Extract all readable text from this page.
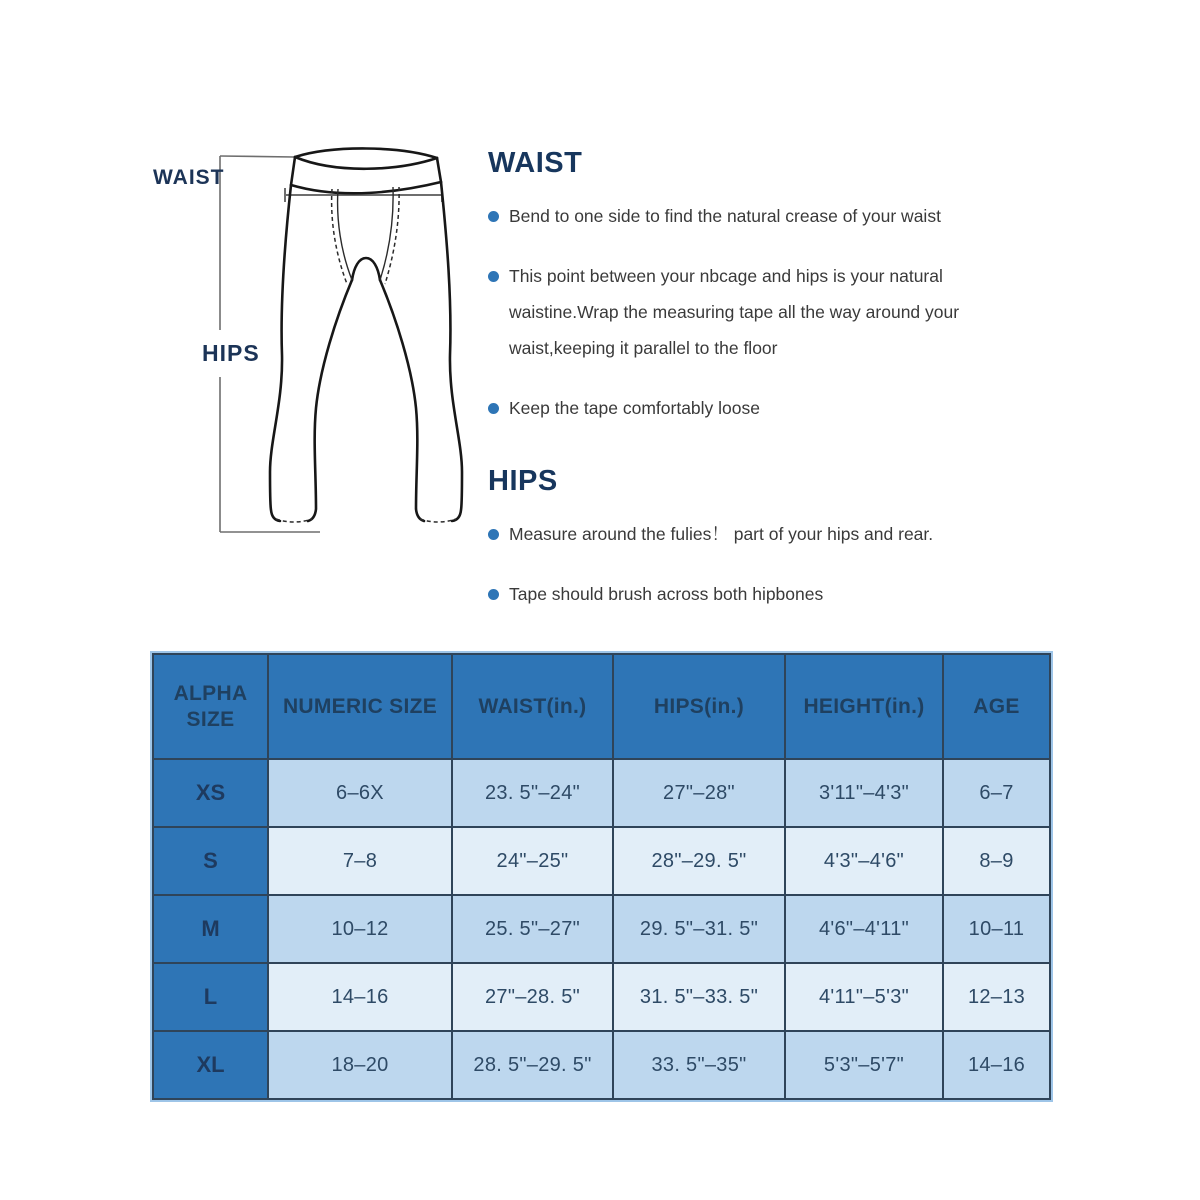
WAIST
HIPS
WAIST
Bend to one side to find the natural crease of your waist
This point between your nbcage and hips is your natural waistine.Wrap the measuring tape all the way around your waist,keeping it parallel to the floor
Keep the tape comfortably loose
HIPS
Measure around the fulies！ part of your hips and rear.
Tape should brush across both hipbones
ALPHA SIZE	NUMERIC SIZE	WAIST(in.)	HIPS(in.)	HEIGHT(in.)	AGE
XS	6–6X	23. 5"–24"	27"–28"	3'11"–4'3"	6–7
S	7–8	24"–25"	28"–29. 5"	4'3"–4'6"	8–9
M	10–12	25. 5"–27"	29. 5"–31. 5"	4'6"–4'11"	10–11
L	14–16	27"–28. 5"	31. 5"–33. 5"	4'11"–5'3"	12–13
XL	18–20	28. 5"–29. 5"	33. 5"–35"	5'3"–5'7"	14–16
